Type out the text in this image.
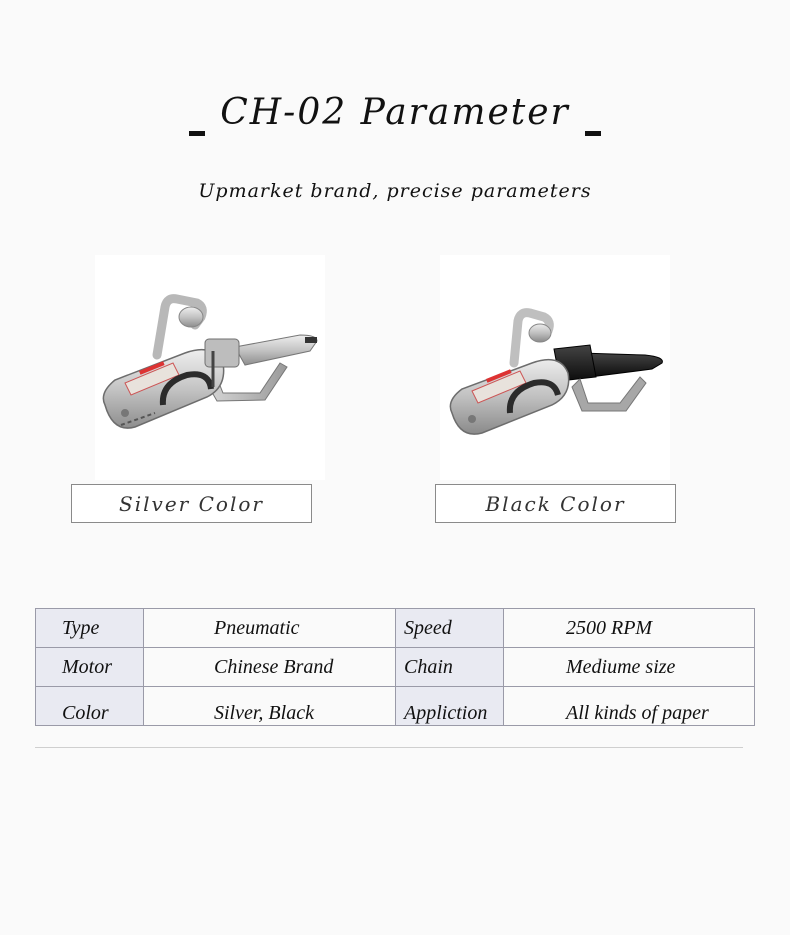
CH-02 Parameter
Upmarket brand, precise parameters
Silver Color	Black Color
Type	Pneumatic	Speed	2500 RPM

Motor	Chinese Brand	Chain	Mediume size

Color	Silver, Black	Appliction	All kinds of paper
